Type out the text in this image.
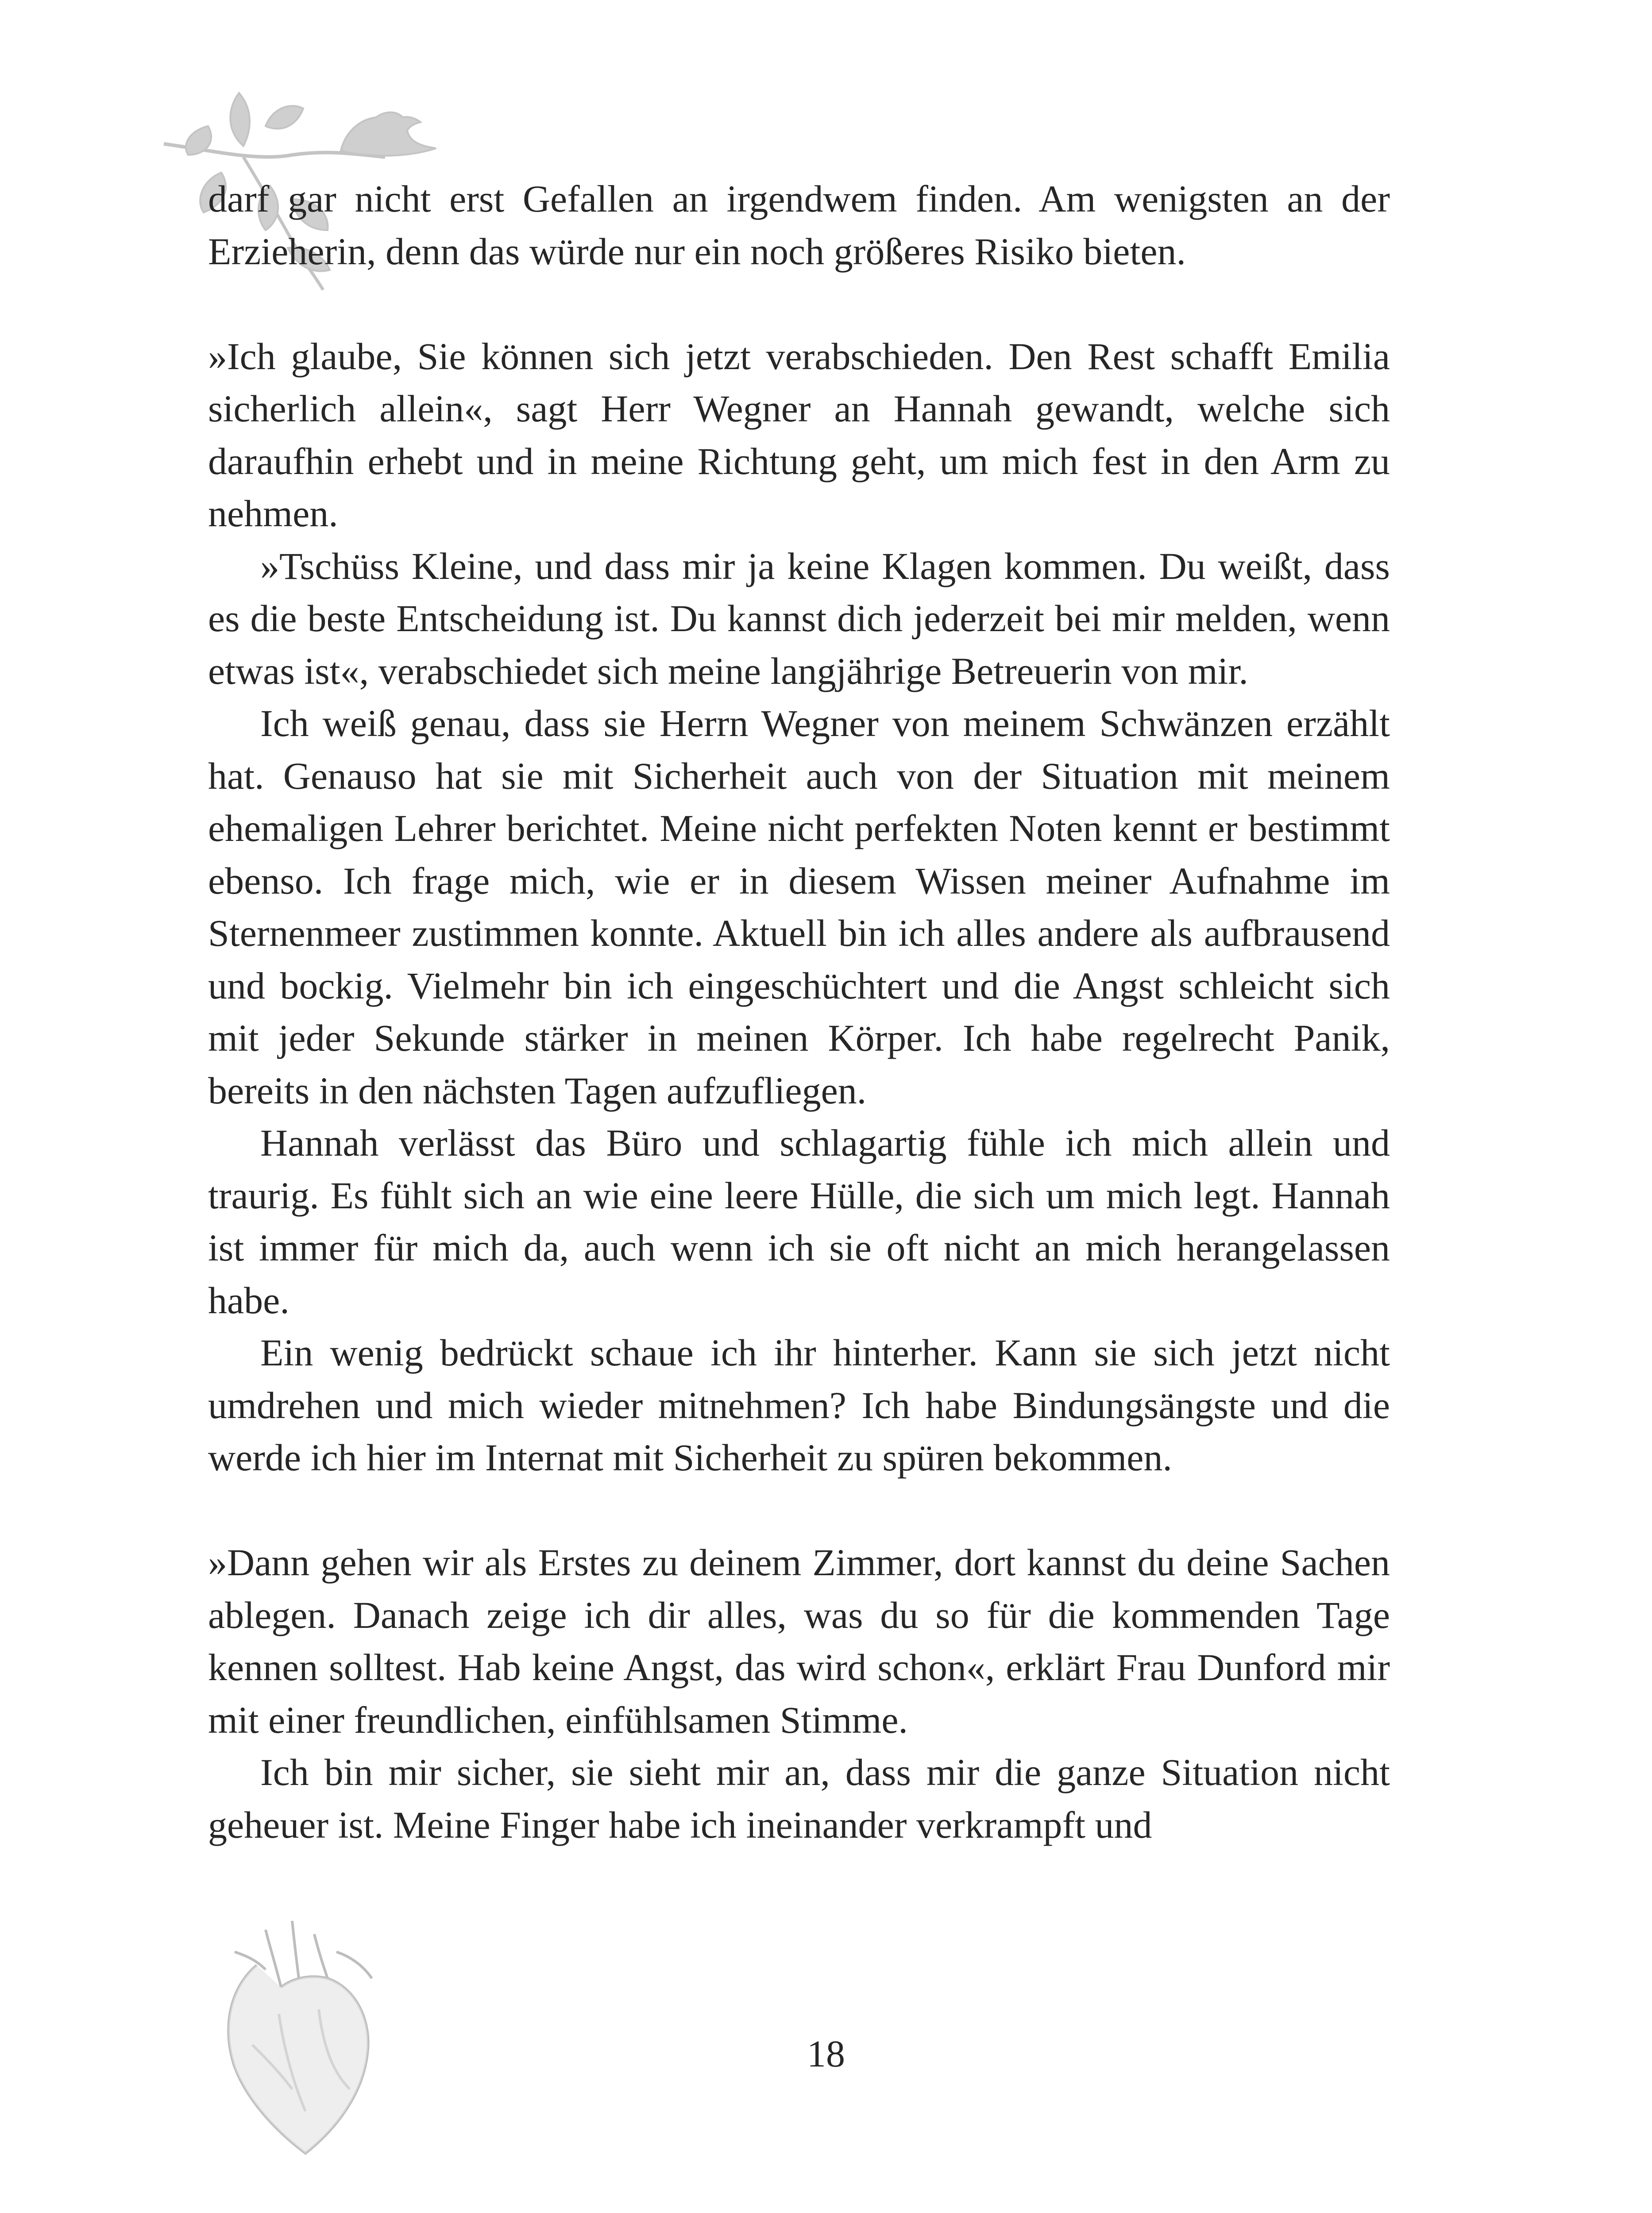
darf gar nicht erst Gefallen an irgendwem finden. Am wenigsten an der Erzieherin, denn das würde nur ein noch größeres Risiko bieten.

»Ich glaube, Sie können sich jetzt verabschieden. Den Rest schafft Emilia sicherlich allein«, sagt Herr Wegner an Hannah gewandt, welche sich daraufhin erhebt und in meine Richtung geht, um mich fest in den Arm zu nehmen.

»Tschüss Kleine, und dass mir ja keine Klagen kommen. Du weißt, dass es die beste Entscheidung ist. Du kannst dich jederzeit bei mir melden, wenn etwas ist«, verabschiedet sich meine langjährige Betreuerin von mir.

Ich weiß genau, dass sie Herrn Wegner von meinem Schwänzen erzählt hat. Genauso hat sie mit Sicherheit auch von der Situation mit meinem ehemaligen Lehrer berichtet. Meine nicht perfekten Noten kennt er bestimmt ebenso. Ich frage mich, wie er in diesem Wissen meiner Aufnahme im Sternenmeer zustimmen konnte. Aktuell bin ich alles andere als aufbrausend und bockig. Vielmehr bin ich eingeschüchtert und die Angst schleicht sich mit jeder Sekunde stärker in meinen Körper. Ich habe regelrecht Panik, bereits in den nächsten Tagen aufzufliegen.

Hannah verlässt das Büro und schlagartig fühle ich mich allein und traurig. Es fühlt sich an wie eine leere Hülle, die sich um mich legt. Hannah ist immer für mich da, auch wenn ich sie oft nicht an mich herangelassen habe.

Ein wenig bedrückt schaue ich ihr hinterher. Kann sie sich jetzt nicht umdrehen und mich wieder mitnehmen? Ich habe Bindungsängste und die werde ich hier im Internat mit Sicherheit zu spüren bekommen.

»Dann gehen wir als Erstes zu deinem Zimmer, dort kannst du deine Sachen ablegen. Danach zeige ich dir alles, was du so für die kommenden Tage kennen solltest. Hab keine Angst, das wird schon«, erklärt Frau Dunford mir mit einer freundlichen, einfühlsamen Stimme.

Ich bin mir sicher, sie sieht mir an, dass mir die ganze Situation nicht geheuer ist. Meine Finger habe ich ineinander verkrampft und

18
